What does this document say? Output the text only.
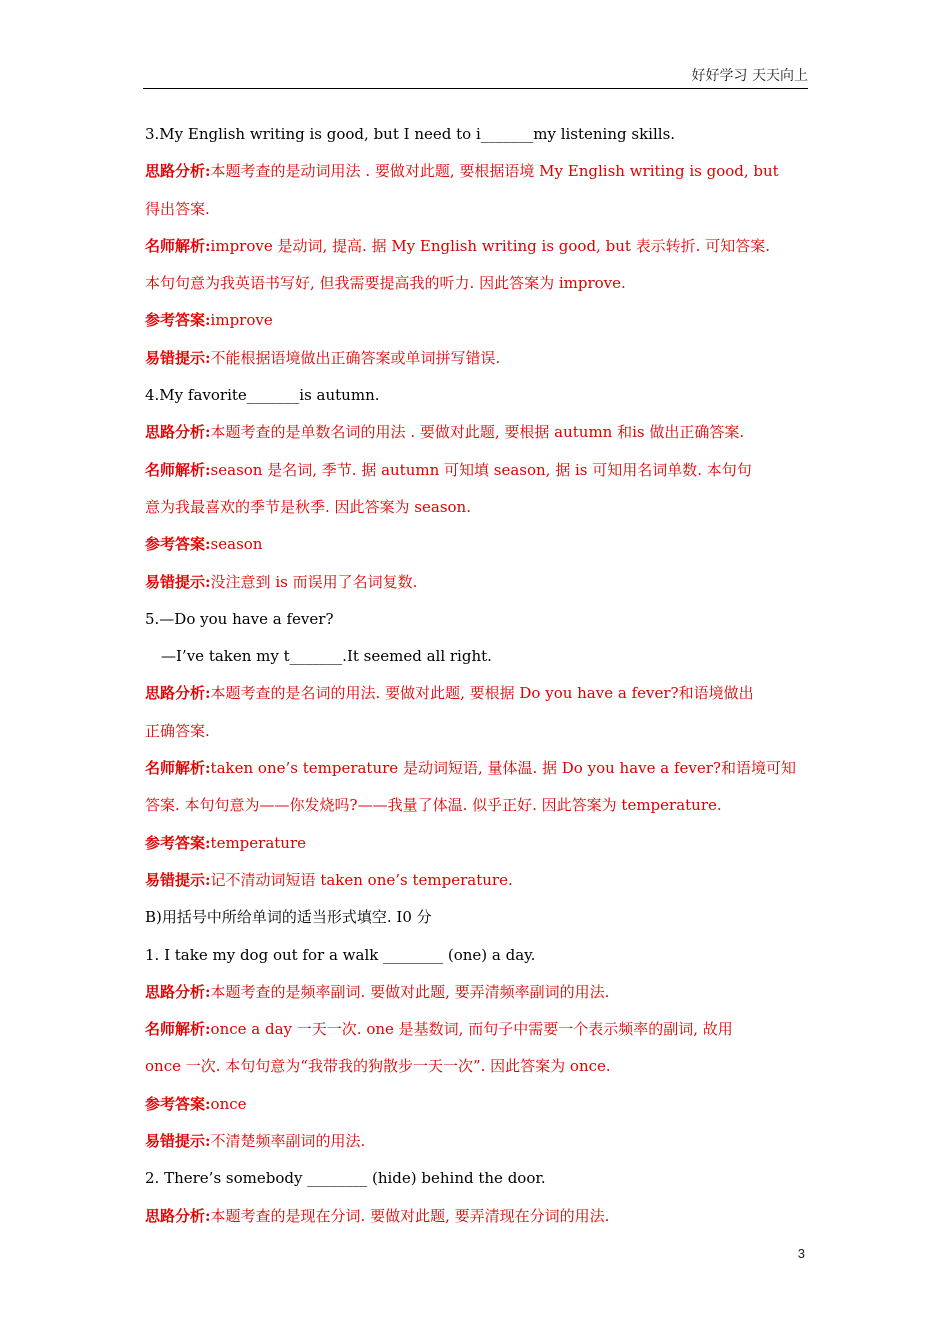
好好学习 天天向上
3.My English writing is good, but I need to i_______my listening skills.
思路分析:本题考查的是动词用法 . 要做对此题, 要根据语境 My English writing is good, but
得出答案.
名师解析:improve 是动词, 提高. 据 My English writing is good, but 表示转折. 可知答案.
本句句意为我英语书写好, 但我需要提高我的听力. 因此答案为 improve.
参考答案:improve
易错提示:不能根据语境做出正确答案或单词拼写错误.
4.My favorite_______is autumn.
思路分析:本题考查的是单数名词的用法 . 要做对此题, 要根据 autumn 和is 做出正确答案.
名师解析:season 是名词, 季节. 据 autumn 可知填 season, 据 is 可知用名词单数. 本句句
意为我最喜欢的季节是秋季. 因此答案为 season.
参考答案:season
易错提示:没注意到 is 而误用了名词复数.
5.—Do you have a fever?
—I’ve taken my t_______.It seemed all right.
思路分析:本题考查的是名词的用法. 要做对此题, 要根据 Do you have a fever?和语境做出
正确答案.
名师解析:taken one’s temperature 是动词短语, 量体温. 据 Do you have a fever?和语境可知
答案. 本句句意为——你发烧吗?——我量了体温. 似乎正好. 因此答案为 temperature.
参考答案:temperature
易错提示:记不清动词短语 taken one’s temperature.
B)用括号中所给单词的适当形式填空. I0 分
1. I take my dog out for a walk ________ (one) a day.
思路分析:本题考查的是频率副词. 要做对此题, 要弄清频率副词的用法.
名师解析:once a day 一天一次. one 是基数词, 而句子中需要一个表示频率的副词, 故用
once 一次. 本句句意为“我带我的狗散步一天一次”. 因此答案为 once.
参考答案:once
易错提示:不清楚频率副词的用法.
2. There’s somebody ________ (hide) behind the door.
思路分析:本题考查的是现在分词. 要做对此题, 要弄清现在分词的用法.
3
